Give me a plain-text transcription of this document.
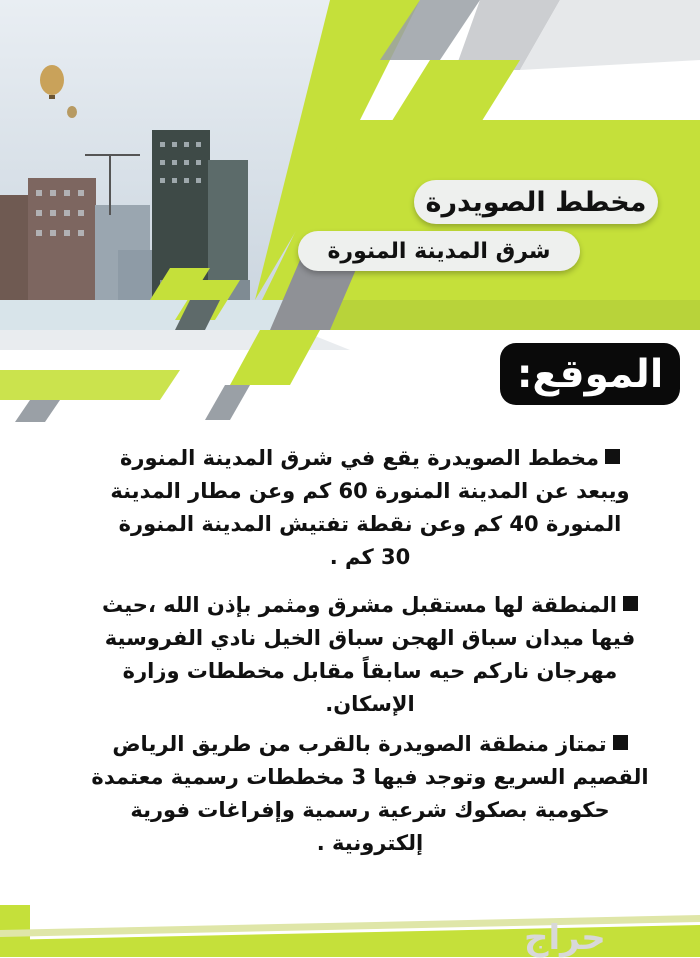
مخطط الصويدرة
شرق المدينة المنورة
الموقع:
مخطط الصويدرة يقع في شرق المدينة المنورة
ويبعد عن المدينة المنورة 60 كم وعن مطار المدينة
المنورة 40 كم وعن نقطة تفتيش المدينة المنورة
30 كم .
المنطقة لها مستقبل مشرق ومثمر بإذن الله ،حيث
فيها ميدان سباق الهجن سباق الخيل نادي الفروسية
مهرجان ناركم حيه سابقاً مقابل مخططات وزارة
الإسكان.
تمتاز منطقة الصويدرة بالقرب من طريق الرياض
القصيم السريع وتوجد فيها 3 مخططات رسمية معتمدة
حكومية بصكوك شرعية رسمية وإفراغات فورية
إلكترونية .
حراج
